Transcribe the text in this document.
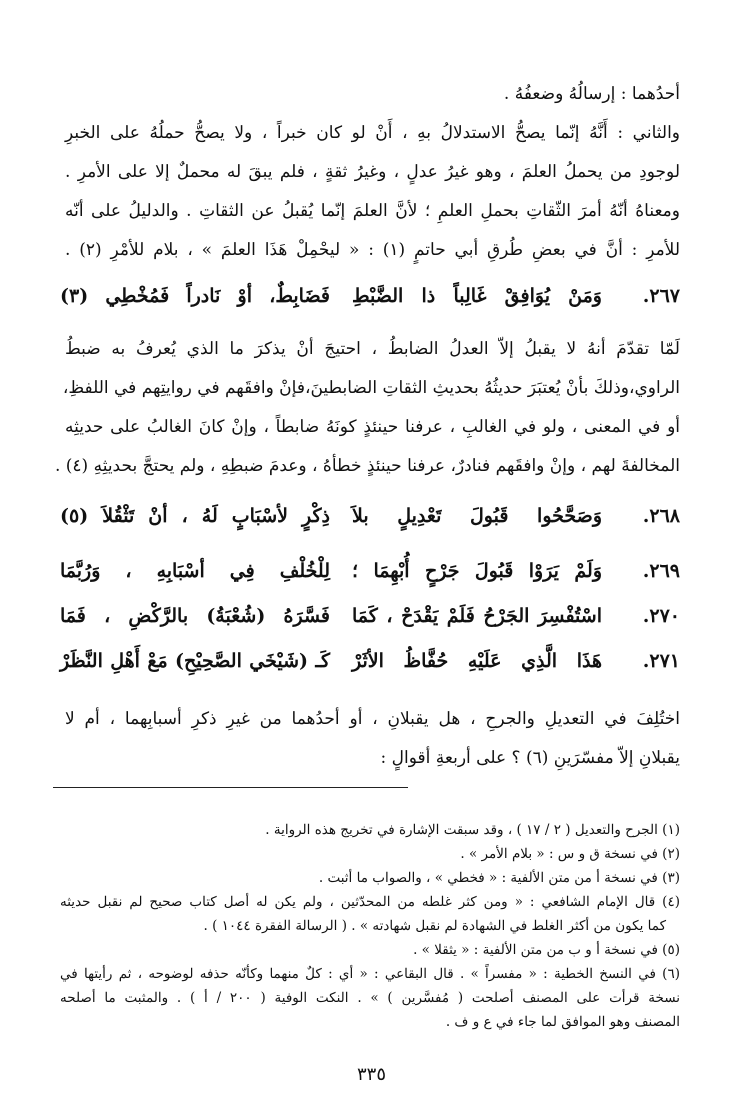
أحدُهما : إرسالُهُ وضعفُهُ .
والثاني : أَنَّهُ إنّما يصحُّ الاستدلالُ بهِ ، أَنْ لو كان خبراً ، ولا يصحُّ حملُهُ على الخبرِ
لوجودِ من يحملُ العلمَ ، وهو غيرُ عدلٍ ، وغيرُ ثقةٍ ، فلم يبقَ له محملٌ إلا على الأمرِ .
ومعناهُ أنّهُ أمرَ الثّقاتِ بحملِ العلمِ ؛ لأنَّ العلمَ إنّما يُقبلُ عن الثقاتِ . والدليلُ على أنّه
للأمرِ : أنَّ في بعضِ طُرقِ أبي حاتمٍ (١) : « ليحْمِلْ هَذَا العلمَ » ، بلام للأمْرِ (٢) .
٢٦٧.
وَمَنْ يُوَافِقْ غَالِباً ذا الضَّبْطِ
فَضَابِطٌ، أوْ نَادراً فَمُخْطِي (٣)
لَمّا تقدّمَ أنهُ لا يقبلُ إلاّ العدلُ الضابطُ ، احتيجَ أنْ يذكرَ ما الذي يُعرفُ به ضبطُ
الراوي،وذلكَ بأنْ يُعتبَرَ حديثُهُ بحديثِ الثقاتِ الضابطينَ،فإنْ وافقَهم في روايتِهم في اللفظِ،
أو في المعنى ، ولو في الغالبِ ، عرفنا حينئذٍ كونَهُ ضابطاً ، وإنْ كانَ الغالبُ على حديثِه
المخالفةَ لهم ، وإنْ وافقَهم فنادرٌ، عرفنا حينئذٍ خطأهُ ، وعدمَ ضبطِهِ ، ولم يحتجَّ بحديثِهِ (٤) .
٢٦٨.
وَصَحَّحُوا قَبُولَ تَعْدِيلٍ بلاَ
ذِكْرٍ لأسْبَابٍ لَهُ ، أنْ تَثْقُلاَ (٥)
٢٦٩.
وَلَمْ يَرَوْا قَبُولَ جَرْحٍ أُبْهِمَا ؛
لِلْخُلْفِ فِي أسْبَابِهِ ، وَرُبَّمَا
٢٧٠.
اسْتُفْسِرَ الجَرْحُ فَلَمْ يَقْدَحْ ، كَمَا
فَسَّرَهُ (شُعْبَةُ) بالرَّكْضِ ، فَمَا
٢٧١.
هَذَا الَّذِي عَلَيْهِ حُفَّاظُ الأثَرْ
كَـ (شَيْخَي الصَّحِيْحِ) مَعْ أَهْلِ النَّظَرْ
اختُلِفَ في التعديلِ والجرحِ ، هل يقبلانِ ، أو أحدُهما من غيرِ ذكرِ أسبابِهما ، أم لا
يقبلانِ إلاّ مفسّرَينِ (٦) ؟ على أربعةِ أقوالٍ :
(١) الجرح والتعديل ( ٢ / ١٧ ) ، وقد سبقت الإشارة في تخريج هذه الرواية .
(٢) في نسخة ق و س : « بلام الأمر » .
(٣) في نسخة أ من متن الألفية : « فخطي » ، والصواب ما أثبت .
(٤) قال الإمام الشافعي : « ومن كثر غلطه من المحدّثين ، ولم يكن له أصل كتاب صحيح لم نقبل حديثه
كما يكون من أكثر الغلط في الشهادة لم نقبل شهادته » . ( الرسالة الفقرة ١٠٤٤ ) .
(٥) في نسخة أ و ب من متن الألفية : « يثقلا » .
(٦) في النسخ الخطية : « مفسراً » . قال البقاعي : « أي : كلٌ منهما وكأنّه حذفه لوضوحه ، ثم رأيتها في
نسخة قرأت على المصنف أصلحت ( مُفسَّرين ) » . النكت الوفية ( ٢٠٠ / أ ) . والمثبت ما أصلحه
المصنف وهو الموافق لما جاء في ع و ف .
٣٣٥
